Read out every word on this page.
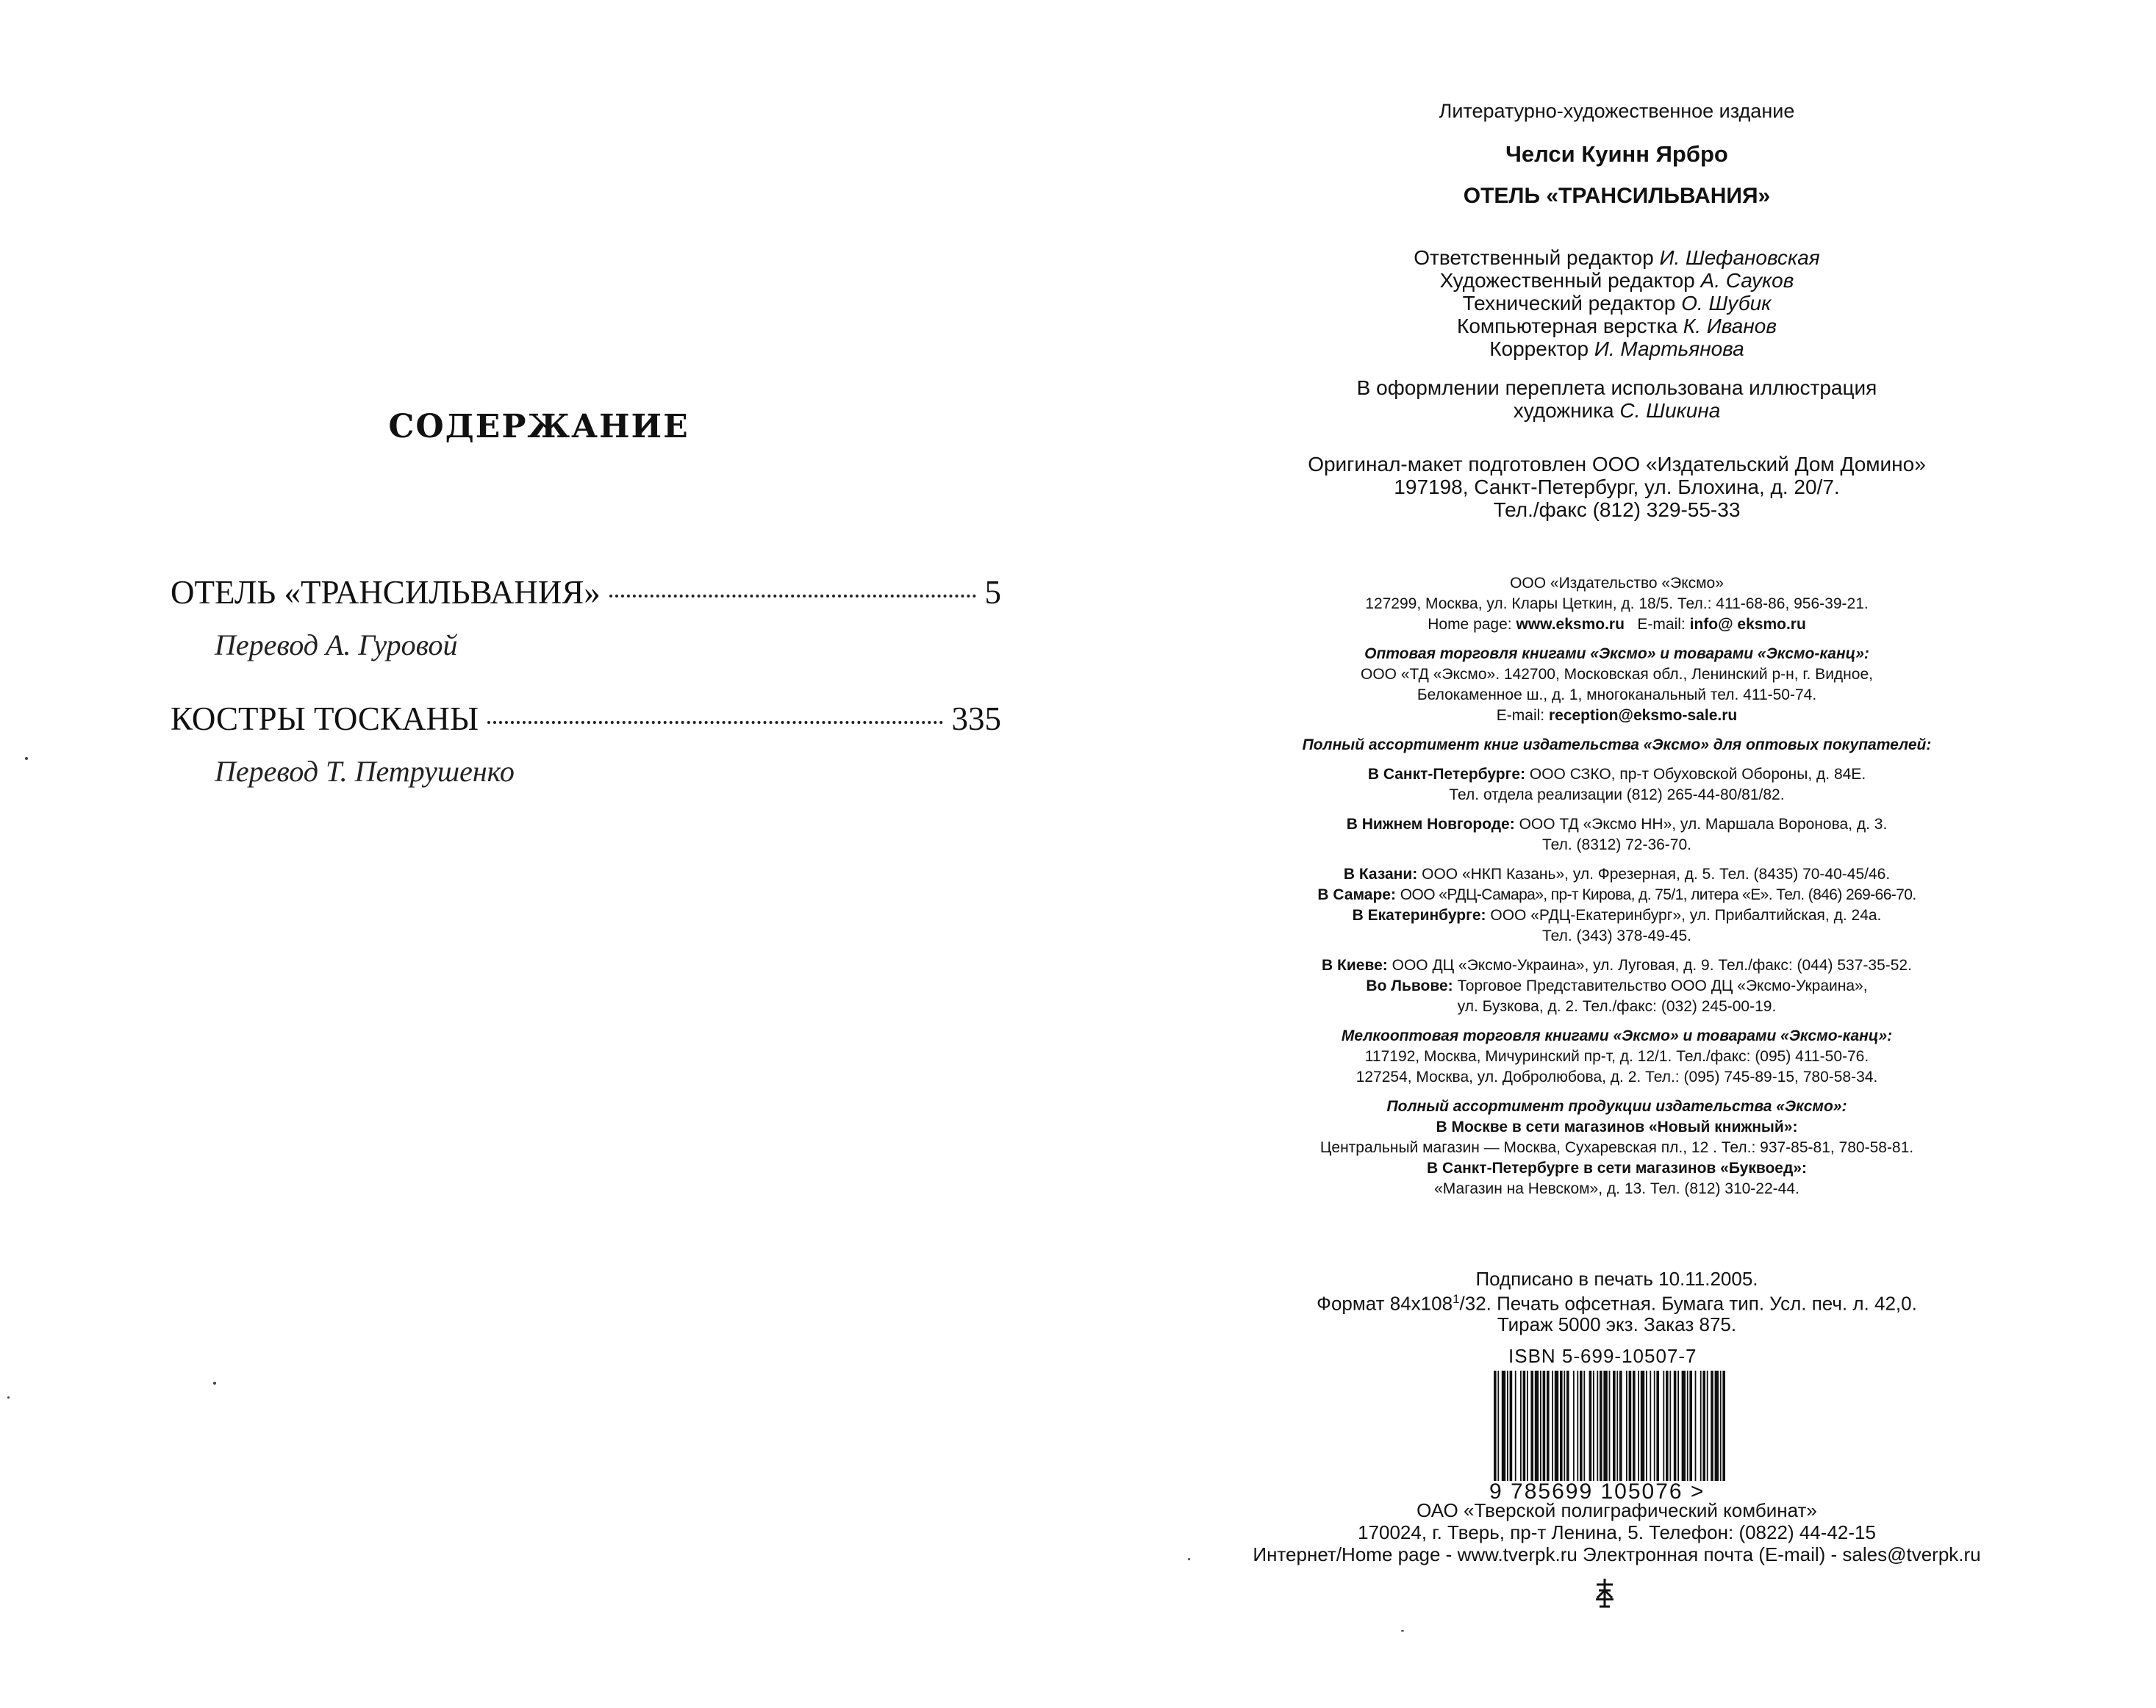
СОДЕРЖАНИЕ
ОТЕЛЬ «ТРАНСИЛЬВАНИЯ»	5
Перевод А. Гуровой
КОСТРЫ ТОСКАНЫ	335
Перевод Т. Петрушенко
Литературно-художественное издание
Челси Куинн Ярбро
ОТЕЛЬ «ТРАНСИЛЬВАНИЯ»
Ответственный редактор И. Шефановская
Художественный редактор А. Сауков
Технический редактор О. Шубик
Компьютерная верстка К. Иванов
Корректор И. Мартьянова
В оформлении переплета использована иллюстрация
художника С. Шикина
Оригинал-макет подготовлен ООО «Издательский Дом Домино»
197198, Санкт-Петербург, ул. Блохина, д. 20/7.
Тел./факс (812) 329-55-33
ООО «Издательство «Эксмо»
127299, Москва, ул. Клары Цеткин, д. 18/5. Тел.: 411-68-86, 956-39-21.
Home page: www.eksmo.ru E-mail: info@ eksmo.ru
Оптовая торговля книгами «Эксмо» и товарами «Эксмо-канц»:
ООО «ТД «Эксмо». 142700, Московская обл., Ленинский р-н, г. Видное,
Белокаменное ш., д. 1, многоканальный тел. 411-50-74.
E-mail: reception@eksmo-sale.ru
Полный ассортимент книг издательства «Эксмо» для оптовых покупателей:
В Санкт-Петербурге: ООО СЗКО, пр-т Обуховской Обороны, д. 84Е.
Тел. отдела реализации (812) 265-44-80/81/82.
В Нижнем Новгороде: ООО ТД «Эксмо НН», ул. Маршала Воронова, д. 3.
Тел. (8312) 72-36-70.
В Казани: ООО «НКП Казань», ул. Фрезерная, д. 5. Тел. (8435) 70-40-45/46.
В Самаре: ООО «РДЦ-Самара», пр-т Кирова, д. 75/1, литера «Е». Тел. (846) 269-66-70.
В Екатеринбурге: ООО «РДЦ-Екатеринбург», ул. Прибалтийская, д. 24а.
Тел. (343) 378-49-45.
В Киеве: ООО ДЦ «Эксмо-Украина», ул. Луговая, д. 9. Тел./факс: (044) 537-35-52.
Во Львове: Торговое Представительство ООО ДЦ «Эксмо-Украина»,
ул. Бузкова, д. 2. Тел./факс: (032) 245-00-19.
Мелкооптовая торговля книгами «Эксмо» и товарами «Эксмо-канц»:
117192, Москва, Мичуринский пр-т, д. 12/1. Тел./факс: (095) 411-50-76.
127254, Москва, ул. Добролюбова, д. 2. Тел.: (095) 745-89-15, 780-58-34.
Полный ассортимент продукции издательства «Эксмо»:
В Москве в сети магазинов «Новый книжный»:
Центральный магазин — Москва, Сухаревская пл., 12 . Тел.: 937-85-81, 780-58-81.
В Санкт-Петербурге в сети магазинов «Буквоед»:
«Магазин на Невском», д. 13. Тел. (812) 310-22-44.
Подписано в печать 10.11.2005.
Формат $84х108^1/32$. Печать офсетная. Бумага тип. Усл. печ. л. 42,0.
Тираж 5000 экз. Заказ 875.
ISBN 5-699-10507-7
9 785699 105076 >
ОАО «Тверской полиграфический комбинат»
170024, г. Тверь, пр-т Ленина, 5. Телефон: (0822) 44-42-15
Интернет/Home page - www.tverpk.ru Электронная почта (E-mail) - sales@tverpk.ru
